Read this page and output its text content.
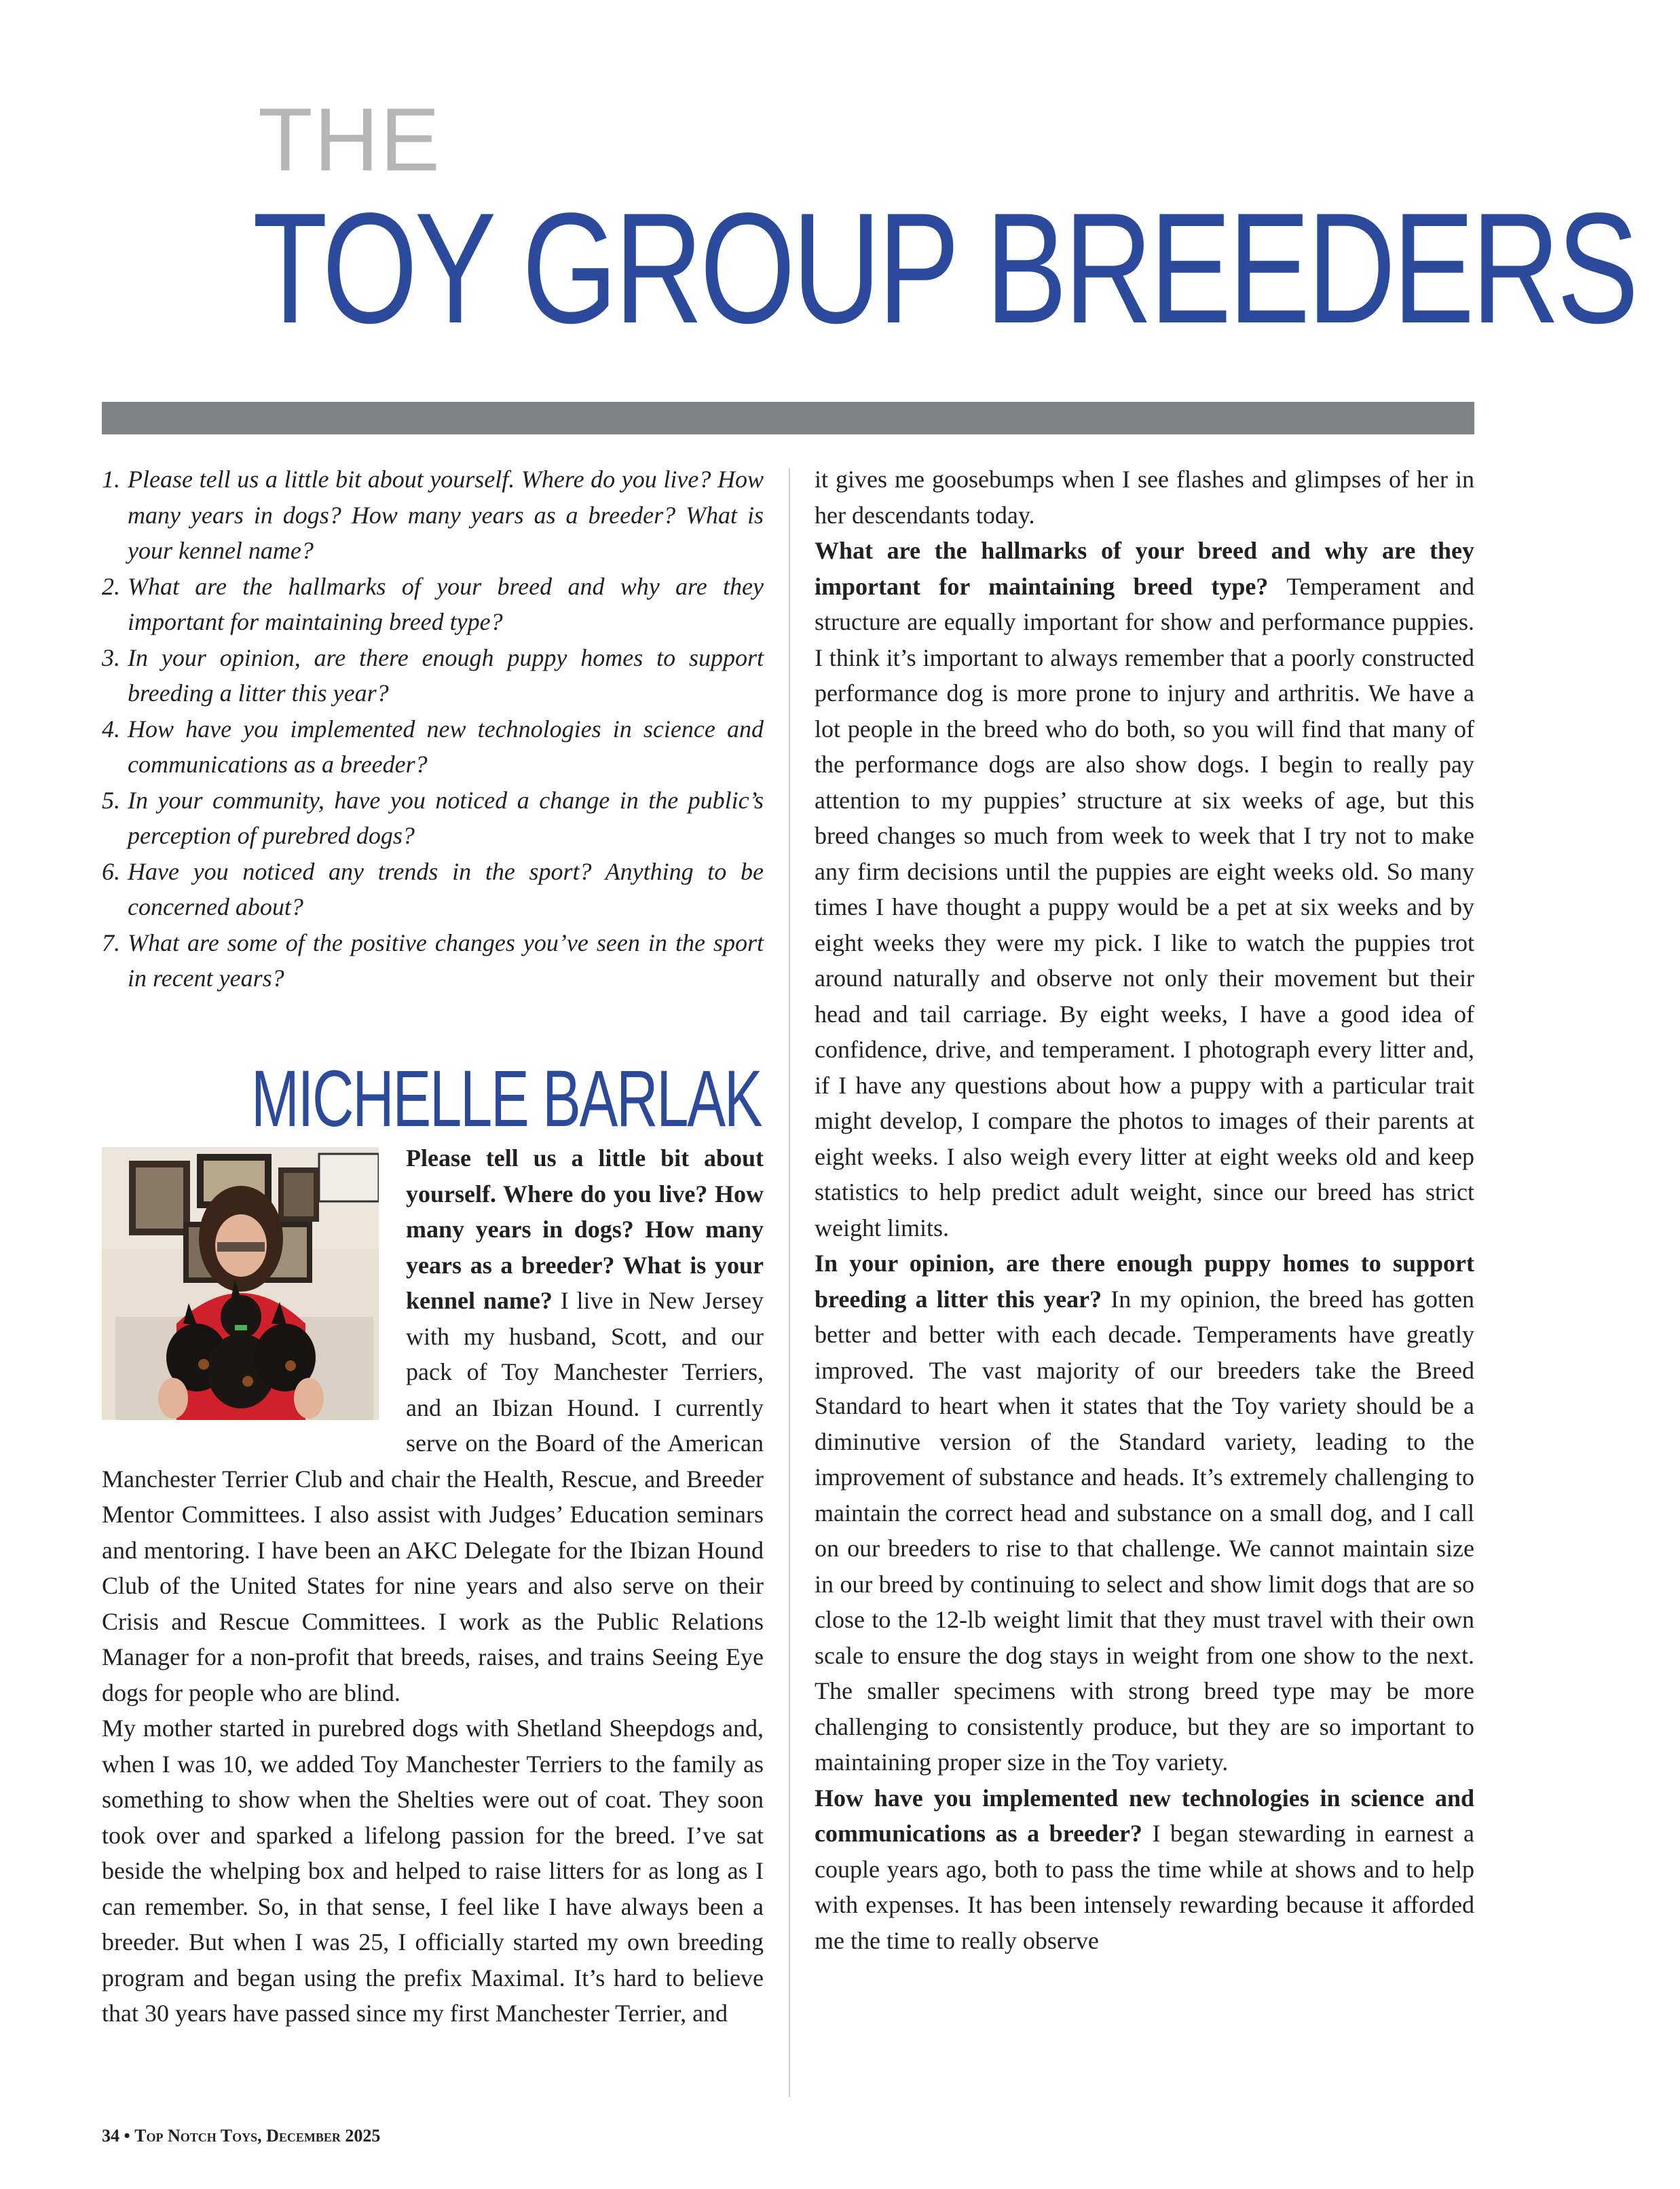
THE
TOY GROUP BREEDERS
1. Please tell us a little bit about yourself. Where do you live? How many years in dogs? How many years as a breeder? What is your kennel name?
2. What are the hallmarks of your breed and why are they important for maintaining breed type?
3. In your opinion, are there enough puppy homes to support breeding a litter this year?
4. How have you implemented new technologies in science and communications as a breeder?
5. In your community, have you noticed a change in the public’s perception of purebred dogs?
6. Have you noticed any trends in the sport? Anything to be concerned about?
7. What are some of the positive changes you’ve seen in the sport in recent years?
MICHELLE BARLAK

Please tell us a little bit about yourself. Where do you live? How many years in dogs? How many years as a breeder? What is your kennel name? I live in New Jersey with my husband, Scott, and our pack of Toy Manchester Terriers, and an Ibizan Hound. I currently serve on the Board of the American Manchester Terrier Club and chair the Health, Rescue, and Breeder Mentor Committees. I also assist with Judges’ Education seminars and mentoring. I have been an AKC Delegate for the Ibizan Hound Club of the United States for nine years and also serve on their Crisis and Rescue Committees. I work as the Public Relations Manager for a non-profit that breeds, raises, and trains Seeing Eye dogs for people who are blind.

My mother started in purebred dogs with Shetland Sheepdogs and, when I was 10, we added Toy Manchester Terriers to the family as something to show when the Shelties were out of coat. They soon took over and sparked a lifelong passion for the breed. I’ve sat beside the whelping box and helped to raise litters for as long as I can remember. So, in that sense, I feel like I have always been a breeder. But when I was 25, I officially started my own breeding program and began using the prefix Maximal. It’s hard to believe that 30 years have passed since my first Manchester Terrier, and

it gives me goosebumps when I see flashes and glimpses of her in her descendants today.

What are the hallmarks of your breed and why are they important for maintaining breed type? Temperament and structure are equally important for show and performance puppies. I think it’s important to always remember that a poorly constructed performance dog is more prone to injury and arthritis. We have a lot people in the breed who do both, so you will find that many of the performance dogs are also show dogs. I begin to really pay attention to my puppies’ structure at six weeks of age, but this breed changes so much from week to week that I try not to make any firm decisions until the puppies are eight weeks old. So many times I have thought a puppy would be a pet at six weeks and by eight weeks they were my pick. I like to watch the puppies trot around naturally and observe not only their movement but their head and tail carriage. By eight weeks, I have a good idea of confidence, drive, and temperament. I photograph every litter and, if I have any questions about how a puppy with a particular trait might develop, I compare the photos to images of their parents at eight weeks. I also weigh every litter at eight weeks old and keep statistics to help predict adult weight, since our breed has strict weight limits.

In your opinion, are there enough puppy homes to support breeding a litter this year? In my opinion, the breed has gotten better and better with each decade. Temperaments have greatly improved. The vast majority of our breeders take the Breed Standard to heart when it states that the Toy variety should be a diminutive version of the Standard variety, leading to the improvement of substance and heads. It’s extremely challenging to maintain the correct head and substance on a small dog, and I call on our breeders to rise to that challenge. We cannot maintain size in our breed by continuing to select and show limit dogs that are so close to the 12-lb weight limit that they must travel with their own scale to ensure the dog stays in weight from one show to the next. The smaller specimens with strong breed type may be more challenging to consistently produce, but they are so important to maintaining proper size in the Toy variety.

How have you implemented new technologies in science and communications as a breeder? I began stewarding in earnest a couple years ago, both to pass the time while at shows and to help with expenses. It has been intensely rewarding because it afforded me the time to really observe

34 • Top Notch Toys, December 2025
